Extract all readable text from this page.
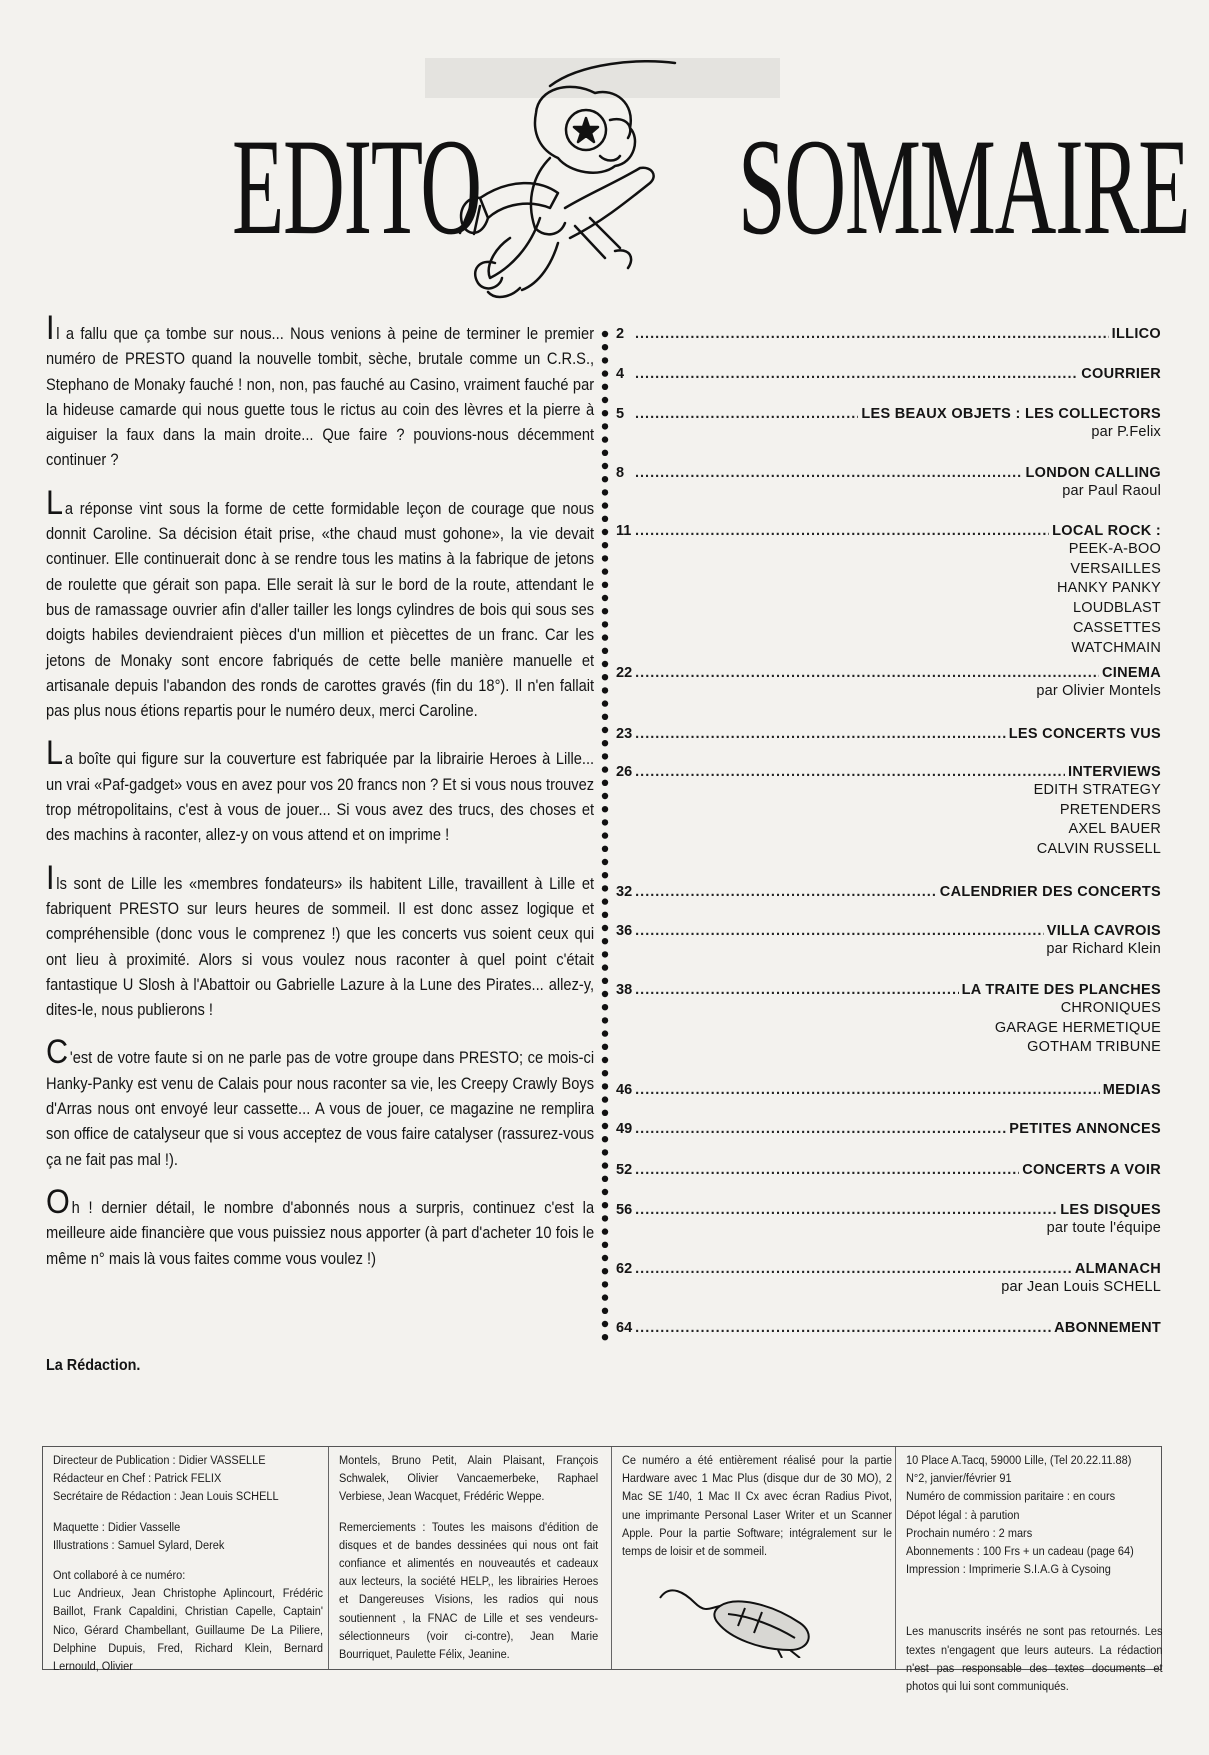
EDITO SOMMAIRE

Il a fallu que ça tombe sur nous... Nous venions à peine de terminer le premier numéro de PRESTO quand la nouvelle tombit, sèche, brutale comme un C.R.S., Stephano de Monaky fauché ! non, non, pas fauché au Casino, vraiment fauché par la hideuse camarde qui nous guette tous le rictus au coin des lèvres et la pierre à aiguiser la faux dans la main droite... Que faire ? pouvions-nous décemment continuer ?

La réponse vint sous la forme de cette formidable leçon de courage que nous donnit Caroline. Sa décision était prise, «the chaud must gohone», la vie devait continuer. Elle continuerait donc à se rendre tous les matins à la fabrique de jetons de roulette que gérait son papa. Elle serait là sur le bord de la route, attendant le bus de ramassage ouvrier afin d'aller tailler les longs cylindres de bois qui sous ses doigts habiles deviendraient pièces d'un million et piècettes de un franc. Car les jetons de Monaky sont encore fabriqués de cette belle manière manuelle et artisanale depuis l'abandon des ronds de carottes gravés (fin du 18°). Il n'en fallait pas plus nous étions repartis pour le numéro deux, merci Caroline.

La boîte qui figure sur la couverture est fabriquée par la librairie Heroes à Lille... un vrai «Paf-gadget» vous en avez pour vos 20 francs non ? Et si vous nous trouvez trop métropolitains, c'est à vous de jouer... Si vous avez des trucs, des choses et des machins à raconter, allez-y on vous attend et on imprime !

Ils sont de Lille les «membres fondateurs» ils habitent Lille, travaillent à Lille et fabriquent PRESTO sur leurs heures de sommeil. Il est donc assez logique et compréhensible (donc vous le comprenez !) que les concerts vus soient ceux qui ont lieu à proximité. Alors si vous voulez nous raconter à quel point c'était fantastique U Slosh à l'Abattoir ou Gabrielle Lazure à la Lune des Pirates... allez-y, dites-le, nous publierons !

C 'est de votre faute si on ne parle pas de votre groupe dans PRESTO; ce mois-ci Hanky-Panky est venu de Calais pour nous raconter sa vie, les Creepy Crawly Boys d'Arras nous ont envoyé leur cassette... A vous de jouer, ce magazine ne remplira son office de catalyseur que si vous acceptez de vous faire catalyser (rassurez-vous ça ne fait pas mal !).

Oh ! dernier détail, le nombre d'abonnés nous a surpris, continuez c'est la meilleure aide financière que vous puissiez nous apporter (à part d'acheter 10 fois le même n° mais là vous faites comme vous voulez !)

La Rédaction.
2 .....	ILLICO
4 .....	COURRIER
5 .....	LES BEAUX OBJETS : LES COLLECTORS
par P.Felix
8 .....	LONDON CALLING
par Paul Raoul
11 .....	LOCAL ROCK :
PEEK-A-BOO
VERSAILLES
HANKY PANKY
LOUDBLAST
CASSETTES
WATCHMAIN
22 .....	CINEMA
par Olivier Montels
23 .....	LES CONCERTS VUS
26 .....	INTERVIEWS
EDITH STRATEGY
PRETENDERS
AXEL BAUER
CALVIN RUSSELL
32 .....	CALENDRIER DES CONCERTS
36 .....	VILLA CAVROIS
par Richard Klein
38 .....	LA TRAITE DES PLANCHES
CHRONIQUES
GARAGE HERMETIQUE
GOTHAM TRIBUNE
46 .....	MEDIAS
49 .....	PETITES ANNONCES
52 .....	CONCERTS A VOIR
56 .....	LES DISQUES
par toute l'équipe
62 .....	ALMANACH
par Jean Louis SCHELL
64 .....	ABONNEMENT

Directeur de Publication : Didier VASSELLE

Rédacteur en Chef : Patrick FELIX

Secrétaire de Rédaction : Jean Louis SCHELL

Maquette : Didier Vasselle

Illustrations : Samuel Sylard, Derek

Ont collaboré à ce numéro:

Luc Andrieux, Jean Christophe Aplincourt, Frédéric Baillot, Frank Capaldini, Christian Capelle, Captain' Nico, Gérard Chambellant, Guillaume De La Piliere, Delphine Dupuis, Fred, Richard Klein, Bernard Lernould, Olivier

Montels, Bruno Petit, Alain Plaisant, François Schwalek, Olivier Vancaemerbeke, Raphael Verbiese, Jean Wacquet, Frédéric Weppe.

Remerciements : Toutes les maisons d'édition de disques et de bandes dessinées qui nous ont fait confiance et alimentés en nouveautés et cadeaux aux lecteurs, la société HELP,, les librairies Heroes et Dangereuses Visions, les radios qui nous soutiennent , la FNAC de Lille et ses vendeurs-sélectionneurs (voir ci-contre), Jean Marie Bourriquet, Paulette Félix, Jeanine.

Ce numéro a été entièrement réalisé pour la partie Hardware avec 1 Mac Plus (disque dur de 30 MO), 2 Mac SE 1/40, 1 Mac II Cx avec écran Radius Pivot, une imprimante Personal Laser Writer et un Scanner Apple. Pour la partie Software; intégralement sur le temps de loisir et de sommeil.

10 Place A.Tacq, 59000 Lille, (Tel 20.22.11.88)

N°2, janvier/février 91

Numéro de commission paritaire : en cours

Dépot légal : à parution

Prochain numéro : 2 mars

Abonnements : 100 Frs + un cadeau (page 64)

Impression : Imprimerie S.I.A.G à Cysoing

Les manuscrits insérés ne sont pas retournés. Les textes n'engagent que leurs auteurs. La rédaction n'est pas responsable des textes documents et photos qui lui sont communiqués.
